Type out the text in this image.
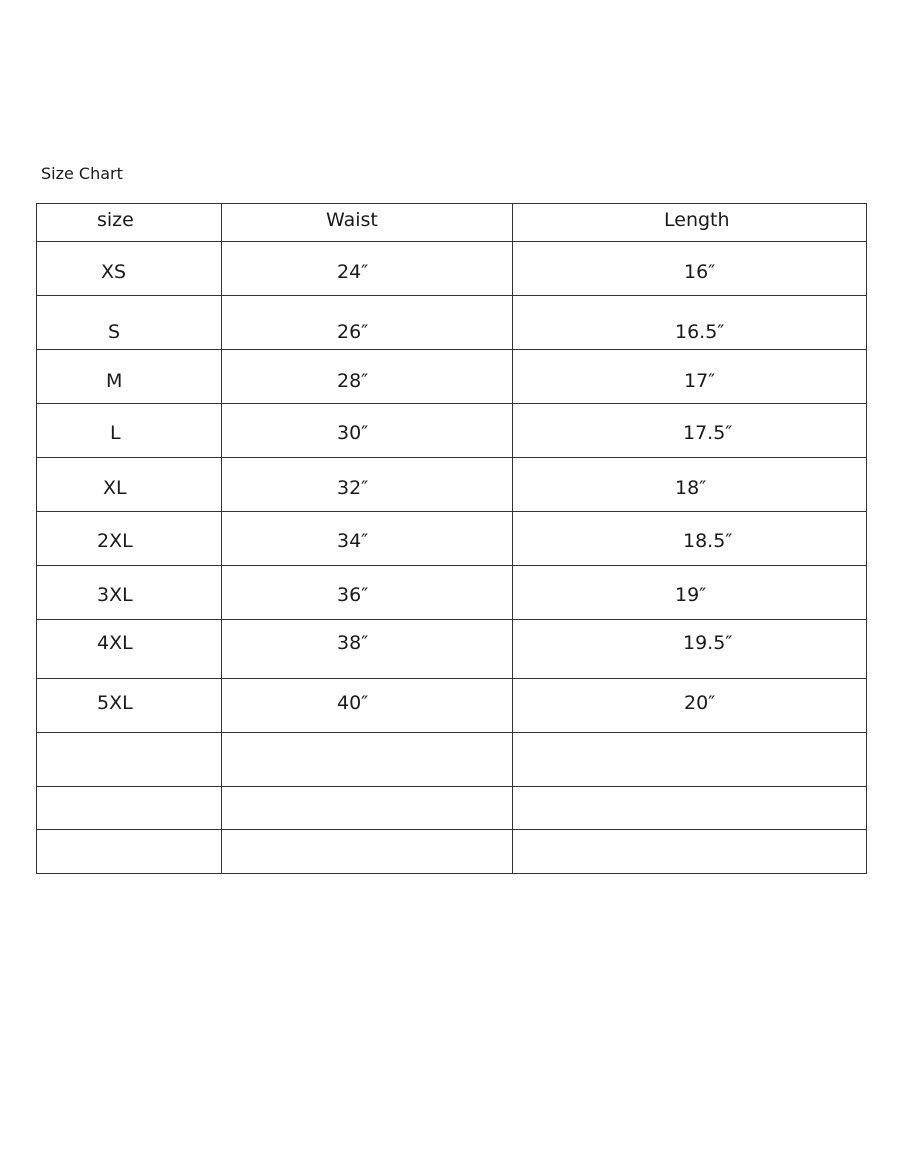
Size Chart
size	Waist	Length

XS	24″	16″

S	26″	16.5″

M	28″	17″

L	30″	17.5″

XL	32″	18″

2XL	34″	18.5″

3XL	36″	19″

4XL	38″	19.5″

5XL	40″	20″
